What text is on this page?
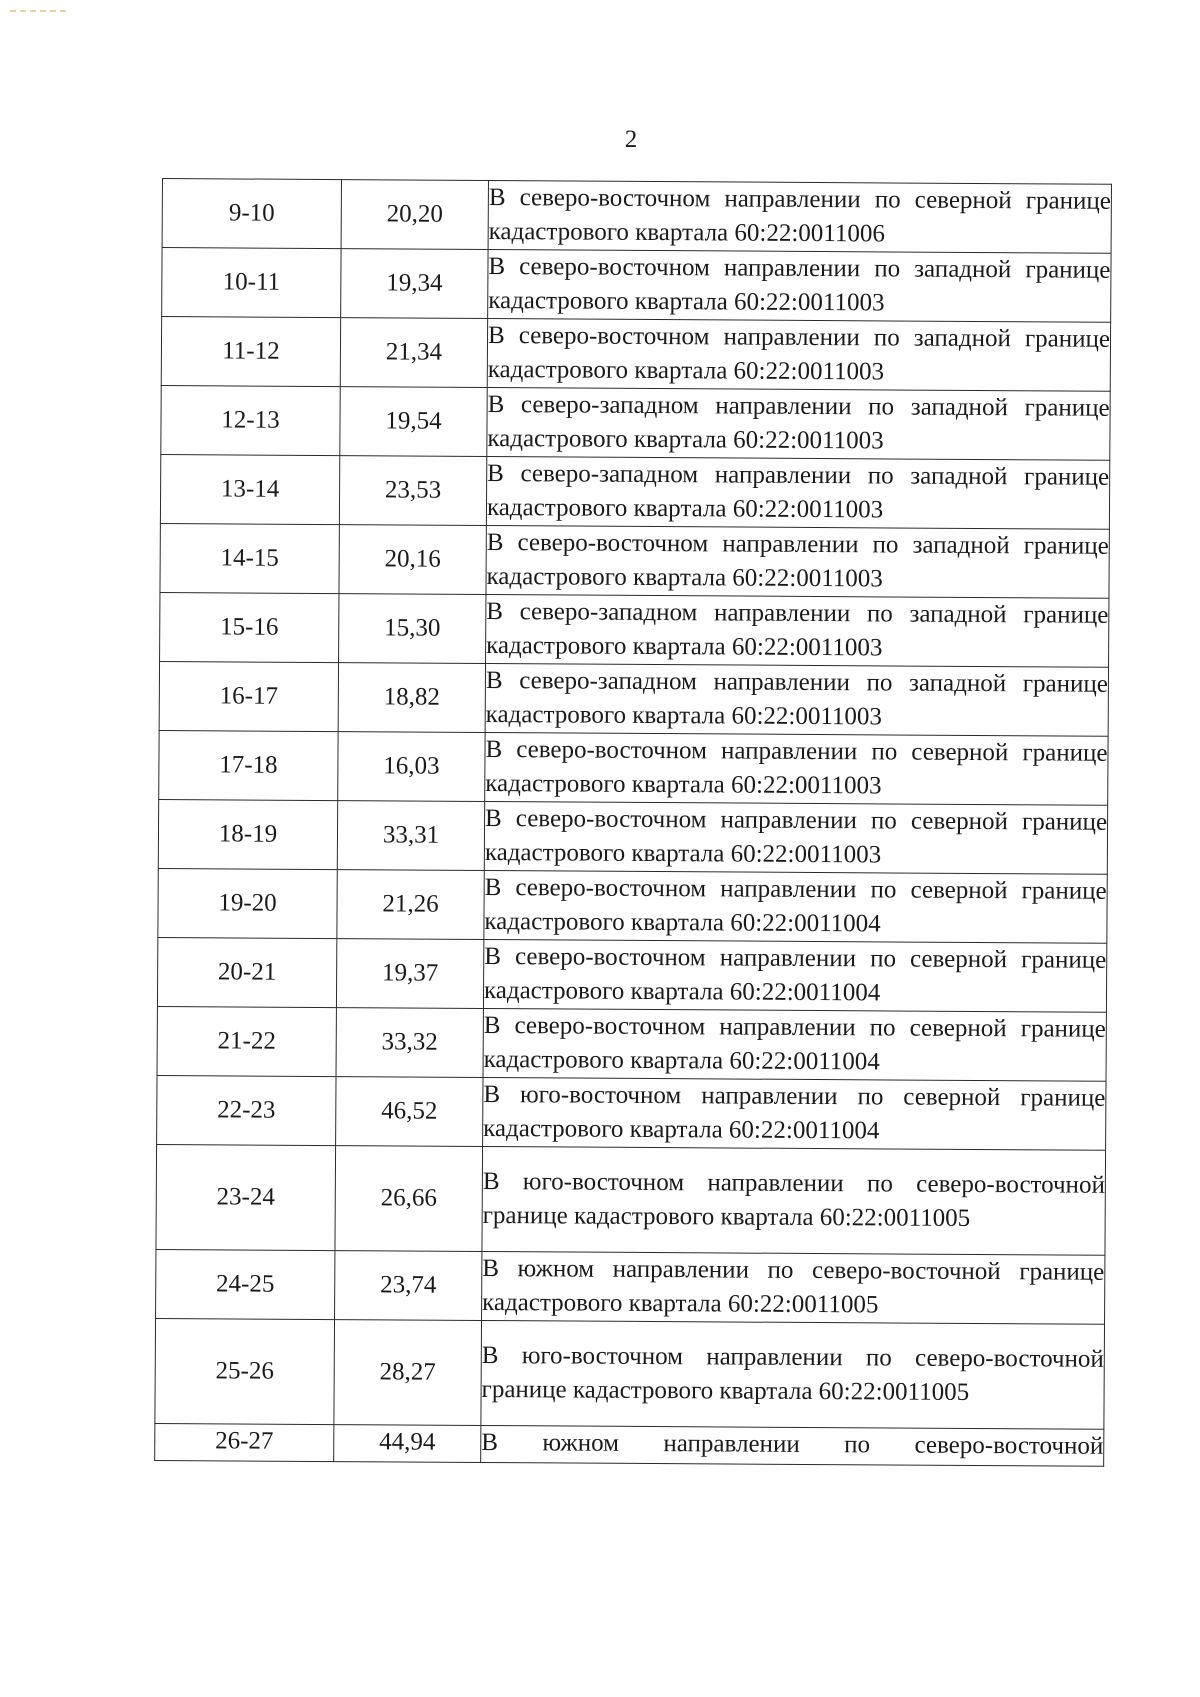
2
9-10	20,20	В северо-восточном направлении по северной границе кадастрового квартала 60:22:0011006
10-11	19,34	В северо-восточном направлении по западной границе кадастрового квартала 60:22:0011003
11-12	21,34	В северо-восточном направлении по западной границе кадастрового квартала 60:22:0011003
12-13	19,54	В северо-западном направлении по западной границе кадастрового квартала 60:22:0011003
13-14	23,53	В северо-западном направлении по западной границе кадастрового квартала 60:22:0011003
14-15	20,16	В северо-восточном направлении по западной границе кадастрового квартала 60:22:0011003
15-16	15,30	В северо-западном направлении по западной границе кадастрового квартала 60:22:0011003
16-17	18,82	В северо-западном направлении по западной границе кадастрового квартала 60:22:0011003
17-18	16,03	В северо-восточном направлении по северной границе кадастрового квартала 60:22:0011003
18-19	33,31	В северо-восточном направлении по северной границе кадастрового квартала 60:22:0011003
19-20	21,26	В северо-восточном направлении по северной границе кадастрового квартала 60:22:0011004
20-21	19,37	В северо-восточном направлении по северной границе кадастрового квартала 60:22:0011004
21-22	33,32	В северо-восточном направлении по северной границе кадастрового квартала 60:22:0011004
22-23	46,52	В юго-восточном направлении по северной границе кадастрового квартала 60:22:0011004
23-24	26,66	В юго-восточном направлении по северо-восточной границе кадастрового квартала 60:22:0011005
24-25	23,74	В южном направлении по северо-восточной границе кадастрового квартала 60:22:0011005
25-26	28,27	В юго-восточном направлении по северо-восточной границе кадастрового квартала 60:22:0011005
26-27	44,94	В южном направлении по северо-восточной
